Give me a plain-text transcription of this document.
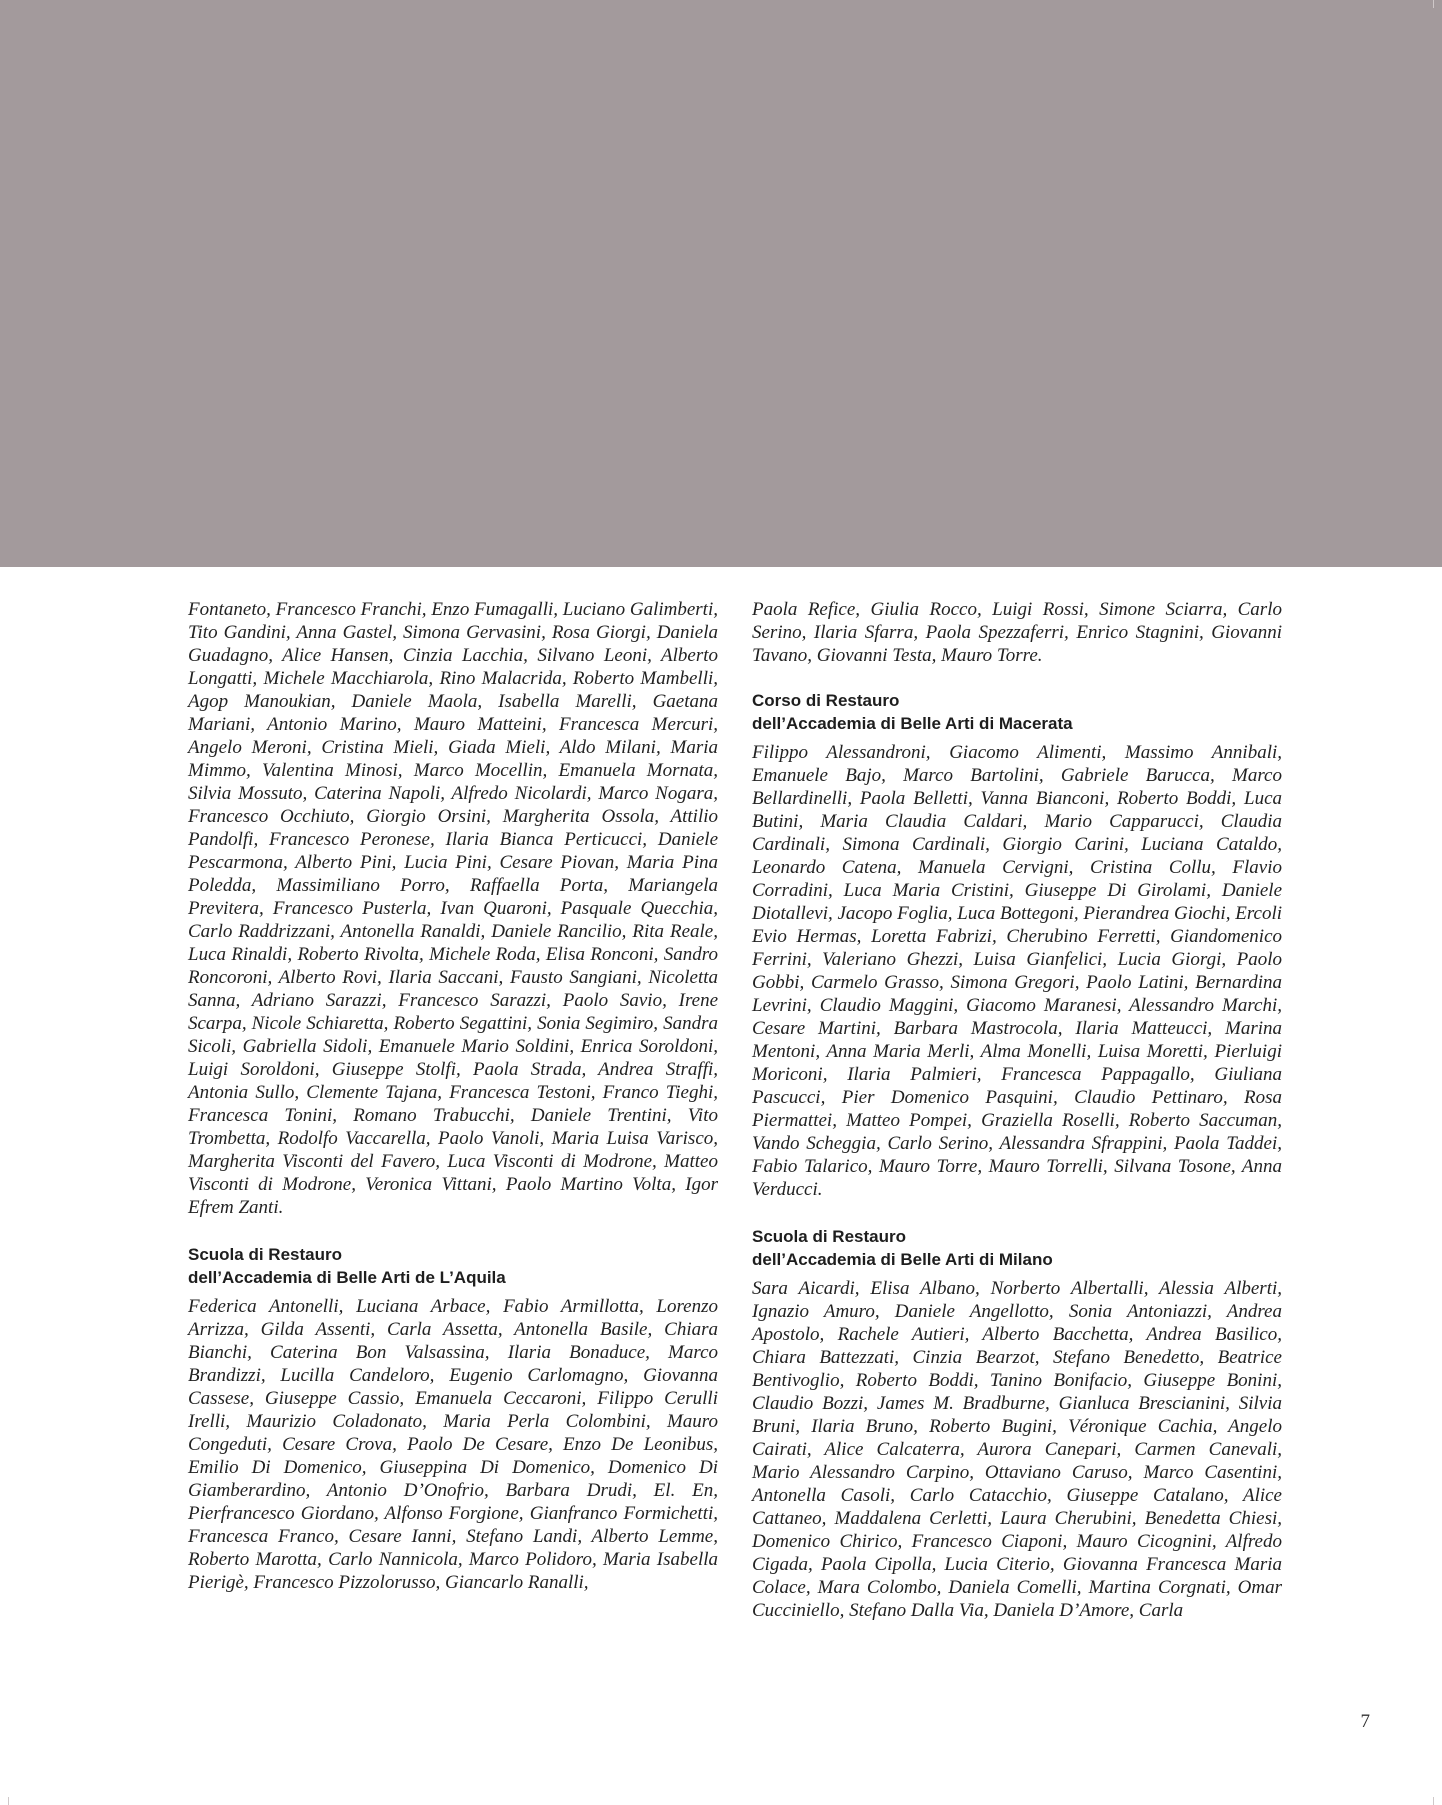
Fontaneto, Francesco Franchi, Enzo Fumagalli, Luciano Galimberti, Tito Gandini, Anna Gastel, Simona Gervasini, Rosa Giorgi, Daniela Guadagno, Alice Hansen, Cinzia Lacchia, Silvano Leoni, Alberto Longatti, Michele Macchiarola, Rino Malacrida, Roberto Mambelli, Agop Manoukian, Daniele Maola, Isabella Marelli, Gaetana Mariani, Antonio Marino, Mauro Matteini, Francesca Mercuri, Angelo Meroni, Cristina Mieli, Giada Mieli, Aldo Milani, Maria Mimmo, Valentina Minosi, Marco Mocellin, Emanuela Mornata, Silvia Mossuto, Caterina Napoli, Alfredo Nicolardi, Marco Nogara, Francesco Occhiuto, Giorgio Orsini, Margherita Ossola, Attilio Pandolfi, Francesco Peronese, Ilaria Bianca Perticucci, Daniele Pescarmona, Alberto Pini, Lucia Pini, Cesare Piovan, Maria Pina Poledda, Massimiliano Porro, Raffaella Porta, Mariangela Previtera, Francesco Pusterla, Ivan Quaroni, Pasquale Quecchia, Carlo Raddrizzani, Antonella Ranaldi, Daniele Rancilio, Rita Reale, Luca Rinaldi, Roberto Rivolta, Michele Roda, Elisa Ronconi, Sandro Roncoroni, Alberto Rovi, Ilaria Saccani, Fausto Sangiani, Nicoletta Sanna, Adriano Sarazzi, Francesco Sarazzi, Paolo Savio, Irene Scarpa, Nicole Schiaretta, Roberto Segattini, Sonia Segimiro, Sandra Sicoli, Gabriella Sidoli, Emanuele Mario Soldini, Enrica Soroldoni, Luigi Soroldoni, Giuseppe Stolfi, Paola Strada, Andrea Straffi, Antonia Sullo, Clemente Tajana, Francesca Testoni, Franco Tieghi, Francesca Tonini, Romano Trabucchi, Daniele Trentini, Vito Trombetta, Rodolfo Vaccarella, Paolo Vanoli, Maria Luisa Varisco, Margherita Visconti del Favero, Luca Visconti di Modrone, Matteo Visconti di Modrone, Veronica Vittani, Paolo Martino Volta, Igor Efrem Zanti.

Scuola di Restauro
dell’Accademia di Belle Arti de L’Aquila

Federica Antonelli, Luciana Arbace, Fabio Armillotta, Lorenzo Arrizza, Gilda Assenti, Carla Assetta, Antonella Basile, Chiara Bianchi, Caterina Bon Valsassina, Ilaria Bonaduce, Marco Brandizzi, Lucilla Candeloro, Eugenio Carlomagno, Giovanna Cassese, Giuseppe Cassio, Emanuela Ceccaroni, Filippo Cerulli Irelli, Maurizio Coladonato, Maria Perla Colombini, Mauro Congeduti, Cesare Crova, Paolo De Cesare, Enzo De Leonibus, Emilio Di Domenico, Giuseppina Di Domenico, Domenico Di Giamberardino, Antonio D’Onofrio, Barbara Drudi, El. En, Pierfrancesco Giordano, Alfonso Forgione, Gianfranco Formichetti, Francesca Franco, Cesare Ianni, Stefano Landi, Alberto Lemme, Roberto Marotta, Carlo Nannicola, Marco Polidoro, Maria Isabella Pierigè, Francesco Pizzolorusso, Giancarlo Ranalli,

Paola Refice, Giulia Rocco, Luigi Rossi, Simone Sciarra, Carlo Serino, Ilaria Sfarra, Paola Spezzaferri, Enrico Stagnini, Giovanni Tavano, Giovanni Testa, Mauro Torre.

Corso di Restauro
dell’Accademia di Belle Arti di Macerata

Filippo Alessandroni, Giacomo Alimenti, Massimo Annibali, Emanuele Bajo, Marco Bartolini, Gabriele Barucca, Marco Bellardinelli, Paola Belletti, Vanna Bianconi, Roberto Boddi, Luca Butini, Maria Claudia Caldari, Mario Capparucci, Claudia Cardinali, Simona Cardinali, Giorgio Carini, Luciana Cataldo, Leonardo Catena, Manuela Cervigni, Cristina Collu, Flavio Corradini, Luca Maria Cristini, Giuseppe Di Girolami, Daniele Diotallevi, Jacopo Foglia, Luca Bottegoni, Pierandrea Giochi, Ercoli Evio Hermas, Loretta Fabrizi, Cherubino Ferretti, Giandomenico Ferrini, Valeriano Ghezzi, Luisa Gianfelici, Lucia Giorgi, Paolo Gobbi, Carmelo Grasso, Simona Gregori, Paolo Latini, Bernardina Levrini, Claudio Maggini, Giacomo Maranesi, Alessandro Marchi, Cesare Martini, Barbara Mastrocola, Ilaria Matteucci, Marina Mentoni, Anna Maria Merli, Alma Monelli, Luisa Moretti, Pierluigi Moriconi, Ilaria Palmieri, Francesca Pappagallo, Giuliana Pascucci, Pier Domenico Pasquini, Claudio Pettinaro, Rosa Piermattei, Matteo Pompei, Graziella Roselli, Roberto Saccuman, Vando Scheggia, Carlo Serino, Alessandra Sfrappini, Paola Taddei, Fabio Talarico, Mauro Torre, Mauro Torrelli, Silvana Tosone, Anna Verducci.

Scuola di Restauro
dell’Accademia di Belle Arti di Milano

Sara Aicardi, Elisa Albano, Norberto Albertalli, Alessia Alberti, Ignazio Amuro, Daniele Angellotto, Sonia Antoniazzi, Andrea Apostolo, Rachele Autieri, Alberto Bacchetta, Andrea Basilico, Chiara Battezzati, Cinzia Bearzot, Stefano Benedetto, Beatrice Bentivoglio, Roberto Boddi, Tanino Bonifacio, Giuseppe Bonini, Claudio Bozzi, James M. Bradburne, Gianluca Brescianini, Silvia Bruni, Ilaria Bruno, Roberto Bugini, Véronique Cachia, Angelo Cairati, Alice Calcaterra, Aurora Canepari, Carmen Canevali, Mario Alessandro Carpino, Ottaviano Caruso, Marco Casentini, Antonella Casoli, Carlo Catacchio, Giuseppe Catalano, Alice Cattaneo, Maddalena Cerletti, Laura Cherubini, Benedetta Chiesi, Domenico Chirico, Francesco Ciaponi, Mauro Cicognini, Alfredo Cigada, Paola Cipolla, Lucia Citerio, Giovanna Francesca Maria Colace, Mara Colombo, Daniela Comelli, Martina Corgnati, Omar Cucciniello, Stefano Dalla Via, Daniela D’Amore, Carla

7
